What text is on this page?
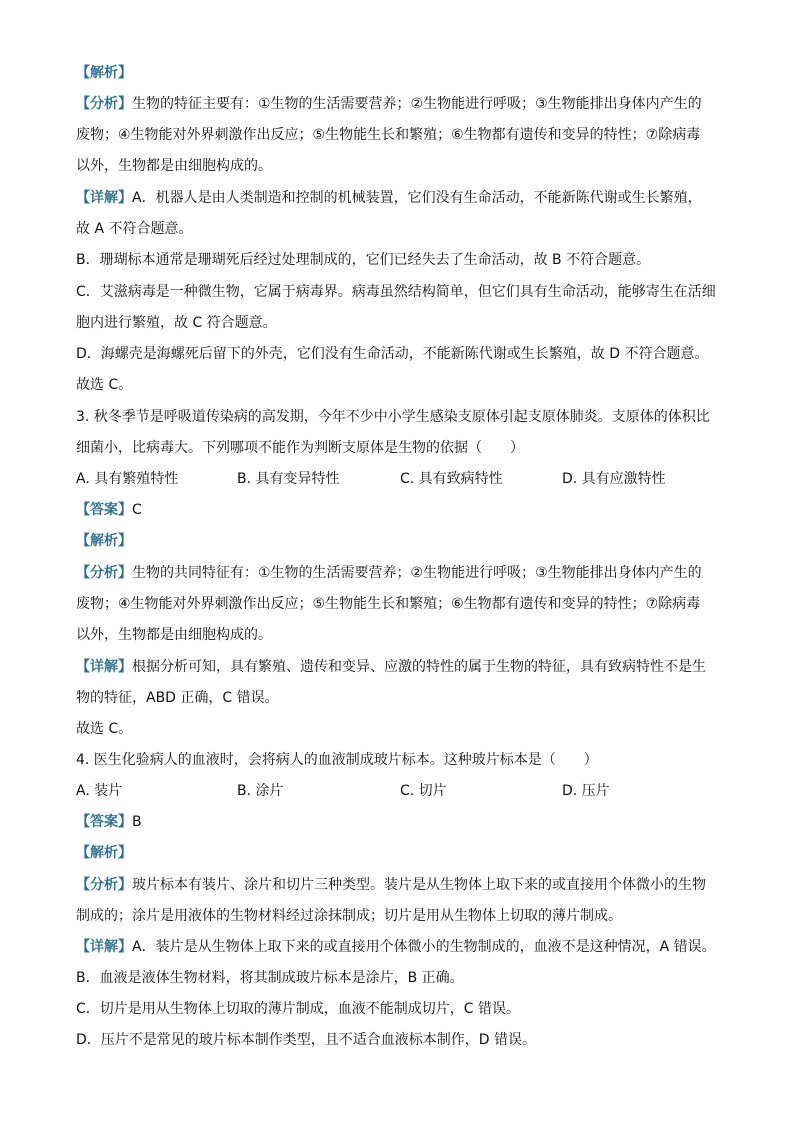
【解析】
【分析】生物的特征主要有：①生物的生活需要营养；②生物能进行呼吸；③生物能排出身体内产生的
废物；④生物能对外界刺激作出反应；⑤生物能生长和繁殖；⑥生物都有遗传和变异的特性；⑦除病毒
以外，生物都是由细胞构成的。
【详解】A．机器人是由人类制造和控制的机械装置，它们没有生命活动，不能新陈代谢或生长繁殖，
故 A 不符合题意。
B．珊瑚标本通常是珊瑚死后经过处理制成的，它们已经失去了生命活动，故 B 不符合题意。
C．艾滋病毒是一种微生物，它属于病毒界。病毒虽然结构简单，但它们具有生命活动，能够寄生在活细
胞内进行繁殖，故 C 符合题意。
D．海螺壳是海螺死后留下的外壳，它们没有生命活动，不能新陈代谢或生长繁殖，故 D 不符合题意。
故选 C。
3. 秋冬季节是呼吸道传染病的高发期，今年不少中小学生感染支原体引起支原体肺炎。支原体的体积比
细菌小，比病毒大。下列哪项不能作为判断支原体是生物的依据（　　）
A. 具有繁殖特性	B. 具有变异特性	C. 具有致病特性	D. 具有应激特性
【答案】C
【解析】
【分析】生物的共同特征有：①生物的生活需要营养；②生物能进行呼吸；③生物能排出身体内产生的
废物；④生物能对外界刺激作出反应；⑤生物能生长和繁殖；⑥生物都有遗传和变异的特性；⑦除病毒
以外，生物都是由细胞构成的。
【详解】根据分析可知，具有繁殖、遗传和变异、应激的特性的属于生物的特征，具有致病特性不是生
物的特征，ABD 正确，C 错误。
故选 C。
4. 医生化验病人的血液时，会将病人的血液制成玻片标本。这种玻片标本是（　　）
A. 装片	B. 涂片	C. 切片	D. 压片
【答案】B
【解析】
【分析】玻片标本有装片、涂片和切片三种类型。装片是从生物体上取下来的或直接用个体微小的生物
制成的；涂片是用液体的生物材料经过涂抹制成；切片是用从生物体上切取的薄片制成。
【详解】A．装片是从生物体上取下来的或直接用个体微小的生物制成的，血液不是这种情况，A 错误。
B．血液是液体生物材料，将其制成玻片标本是涂片，B 正确。
C．切片是用从生物体上切取的薄片制成，血液不能制成切片，C 错误。
D．压片不是常见的玻片标本制作类型，且不适合血液标本制作，D 错误。
